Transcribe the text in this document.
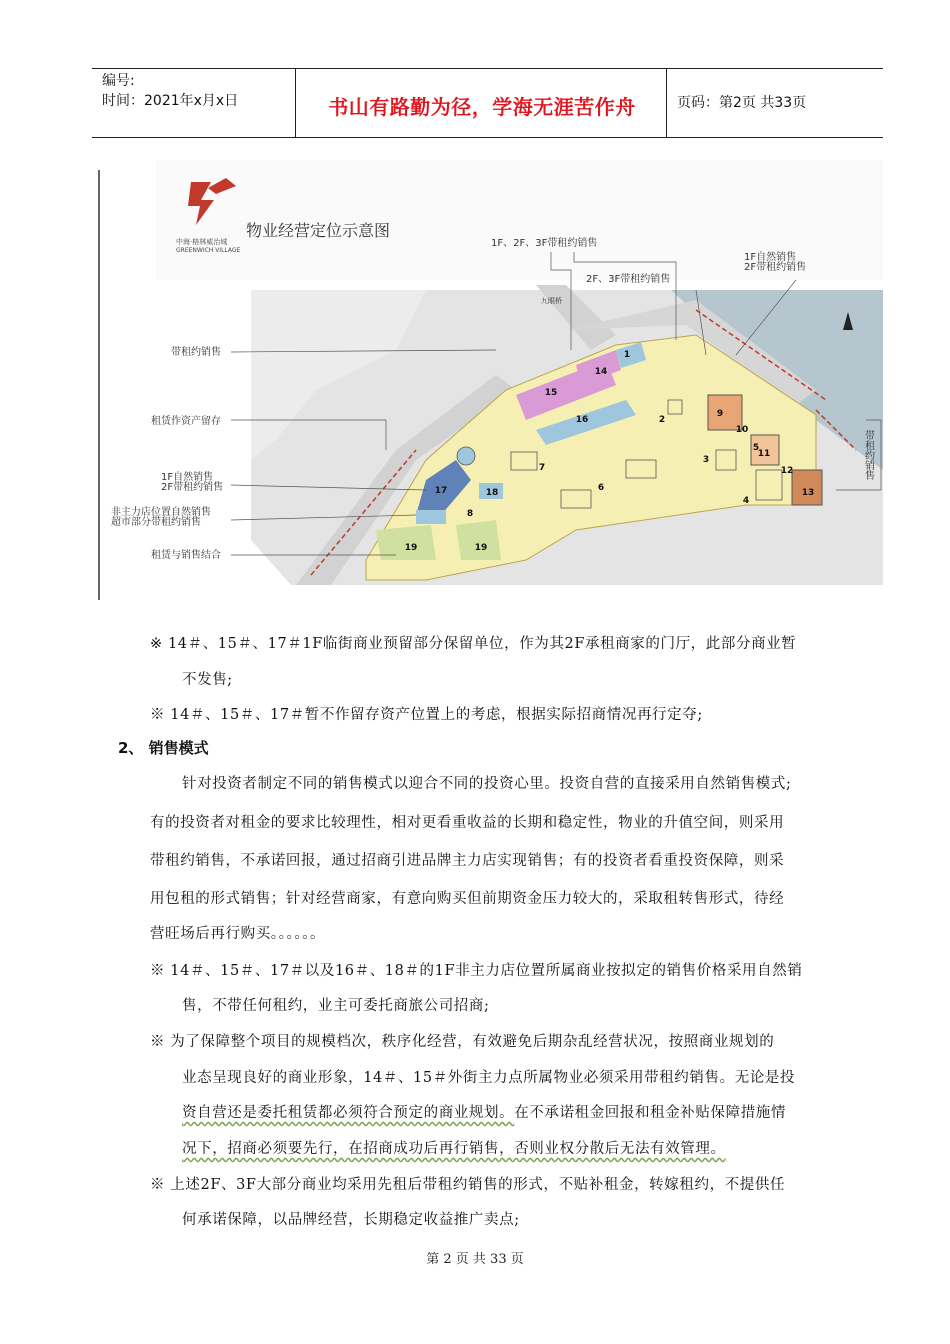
编号:
时间：2021年x月x日	书山有路勤为径，学海无涯苦作舟	页码：第2页 共33页
中海·格林威治城
GREENWICH VILLAGE
物业经营定位示意图
1F、2F、3F带租约销售
2F、3F带租约销售
1F自然销售
2F带租约销售
带租约销售
带租约销售
租赁作资产留存
1F自然销售
2F带租约销售
非主力店位置自然销售
超市部分带租约销售
租赁与销售结合
九眼桥
1
2
3
4
5
6
7
8
9
10
11
12
13
14
15
16
17	18
19	19
※ 14＃、15＃、17＃1F临街商业预留部分保留单位，作为其2F承租商家的门厅，此部分商业暂
不发售;
※ 14＃、15＃、17＃暂不作留存资产位置上的考虑，根据实际招商情况再行定夺;
2、 销售模式
针对投资者制定不同的销售模式以迎合不同的投资心里。投资自营的直接采用自然销售模式;
有的投资者对租金的要求比较理性，相对更看重收益的长期和稳定性，物业的升值空间，则采用
带租约销售，不承诺回报，通过招商引进品牌主力店实现销售；有的投资者看重投资保障，则采
用包租的形式销售；针对经营商家，有意向购买但前期资金压力较大的，采取租转售形式，待经
营旺场后再行购买。。。。。。
※ 14＃、15＃、17＃以及16＃、18＃的1F非主力店位置所属商业按拟定的销售价格采用自然销
售，不带任何租约，业主可委托商旅公司招商;
※ 为了保障整个项目的规模档次，秩序化经营，有效避免后期杂乱经营状况，按照商业规划的
业态呈现良好的商业形象，14＃、15＃外街主力点所属物业必须采用带租约销售。无论是投
资自营还是委托租赁都必须符合预定的商业规划。在不承诺租金回报和租金补贴保障措施情
况下，招商必须要先行，在招商成功后再行销售，否则业权分散后无法有效管理。
※ 上述2F、3F大部分商业均采用先租后带租约销售的形式，不贴补租金，转嫁租约，不提供任
何承诺保障，以品牌经营，长期稳定收益推广卖点;
第 2 页 共 33 页
